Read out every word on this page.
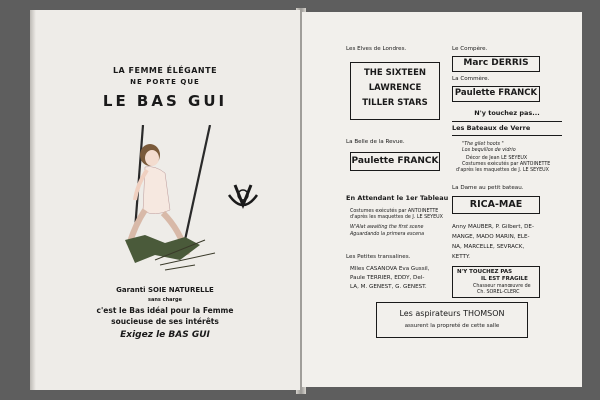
LA FEMME ÉLÉGANTE
NE PORTE QUE
LE BAS GUI
Garanti SOIE NATURELLE
sans charge
c'est le Bas idéal pour la Femme
soucieuse de ses intérêts
Exigez le BAS GUI
Les Elves de Londres.
THE SIXTEEN
LAWRENCE
TILLER STARS
La Belle de la Revue.
Paulette FRANCK
En Attendant le 1er Tableau
Costumes exécutés par ANTOINETTE
d'après les maquettes de J. LE SEYEUX
W'Alat awaiting the first scene
Aguardando la primera escena
Les Petites transalines.
Mlles CASANOVA Eva Gussil,
Paule TERRIER, EDDY, Del-
LA, M. GENEST, G. GENEST.
Le Compère.
Marc DERRIS
La Commère.
Paulette FRANCK
N'y touchez pas...
Les Bateaux de Verre
"The gilet hoots "
Los bequillos de vidrio
Décor de Jean LE SEYEUX
Costumes exécutés par ANTOINETTE
d'après les maquettes de J. LE SEYEUX
La Dame au petit bateau.
RICA-MAE
Anny MAUBER, P. Gilbert, DE-
MANGE, MADO MARIN, ELE-
NA, MARCELLE, SEVRACK,
KETTY.
N'Y TOUCHEZ PAS
IL EST FRAGILE
Chasseur manœuvre de
Ch. SOREL-CLERC
Les aspirateurs THOMSON
assurent la propreté de cette salle
